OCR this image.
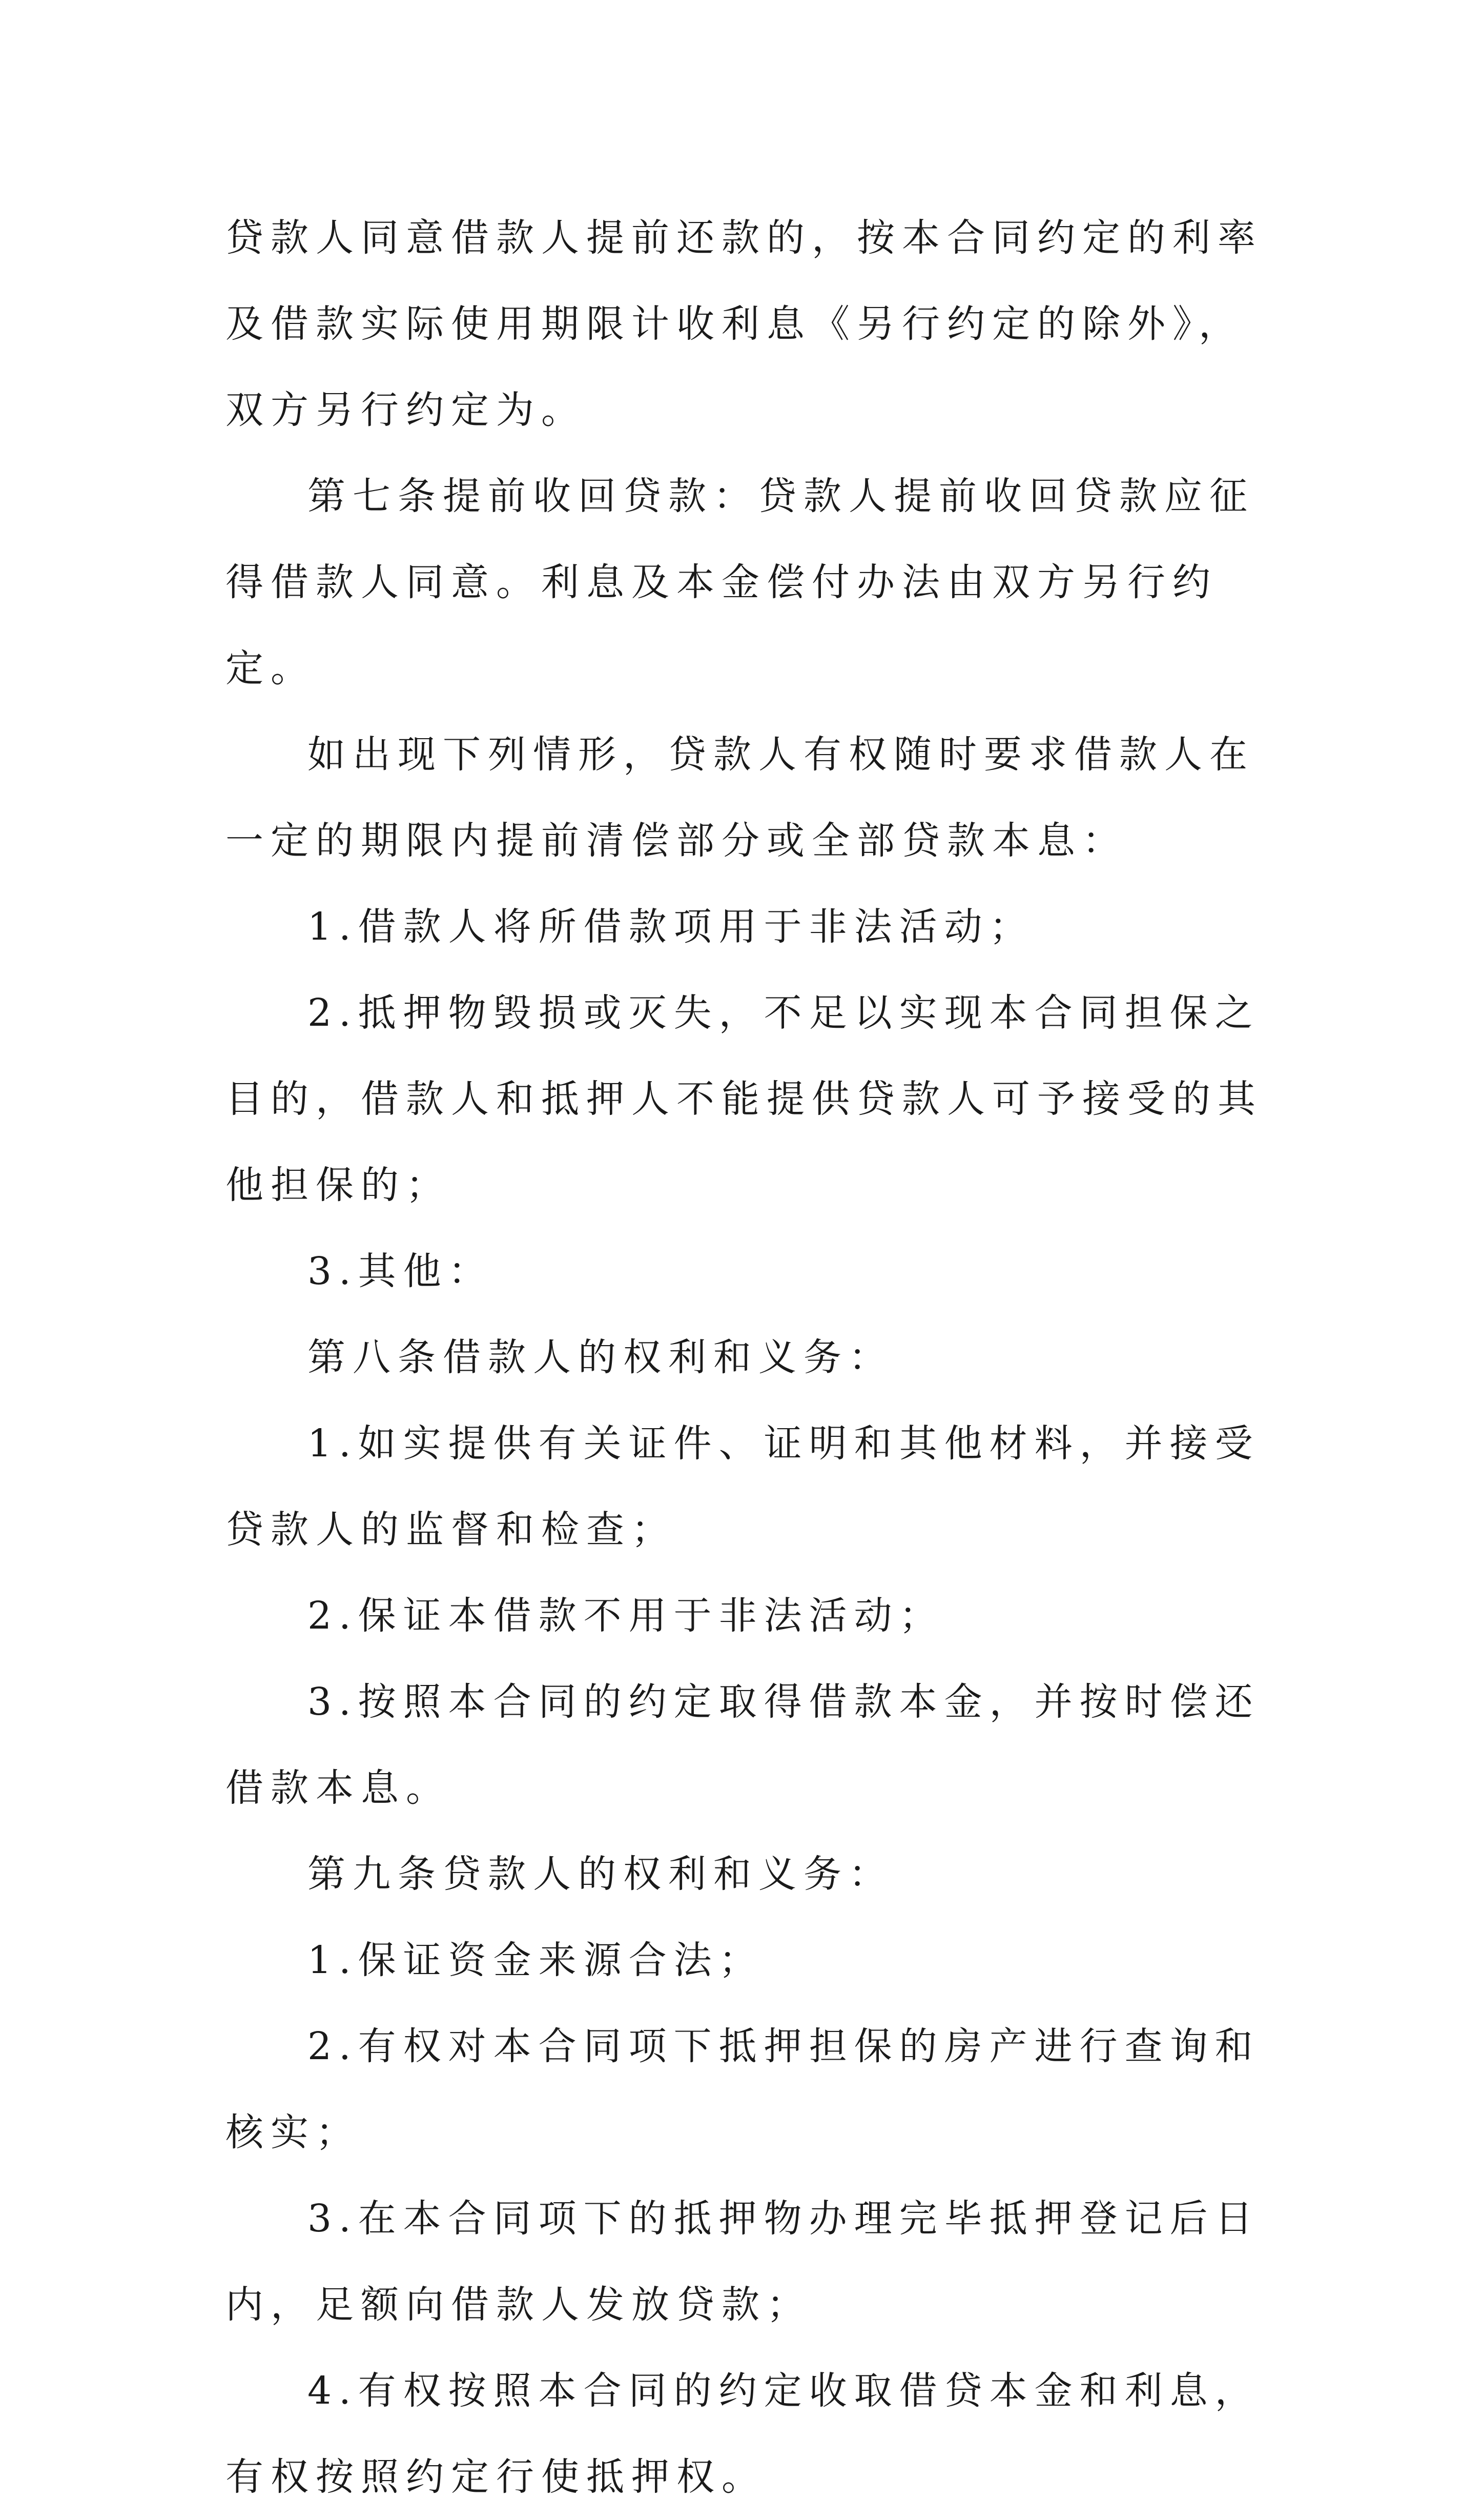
贷款人同意借款人提前还款的，按本合同约定的利率及借款实际使用期限计收利息《另行约定的除外》，双方另行约定为。

第七条提前收回贷款：贷款人提前收回贷款应征得借款人同意。利息及本金偿付办法由双方另行约定。

如出现下列情形，贷款人有权随时要求借款人在一定的期限内提前清偿部分或全部贷款本息：

1.借款人将所借款项用于非法活动；

2.抵押物毁损或灭失，不足以实现本合同担保之目的，借款人和抵押人不能提供贷款人可予接受的其他担保的；

3.其他：

第八条借款人的权利和义务：

1.如实提供有关证件、证明和其他材料，并接受贷款人的监督和检查；

2.保证本借款不用于非法活动；

3.按照本合同的约定取得借款本金，并按时偿还借款本息。

第九条贷款人的权利和义务：

1.保证资金来源合法；

2.有权对本合同项下抵押担保的房产进行查询和核实；

3.在本合同项下的抵押物办理完毕抵押登记后日内，足额向借款人发放贷款；

4.有权按照本合同的约定收取借贷本金和利息，有权按照约定行使抵押权。
